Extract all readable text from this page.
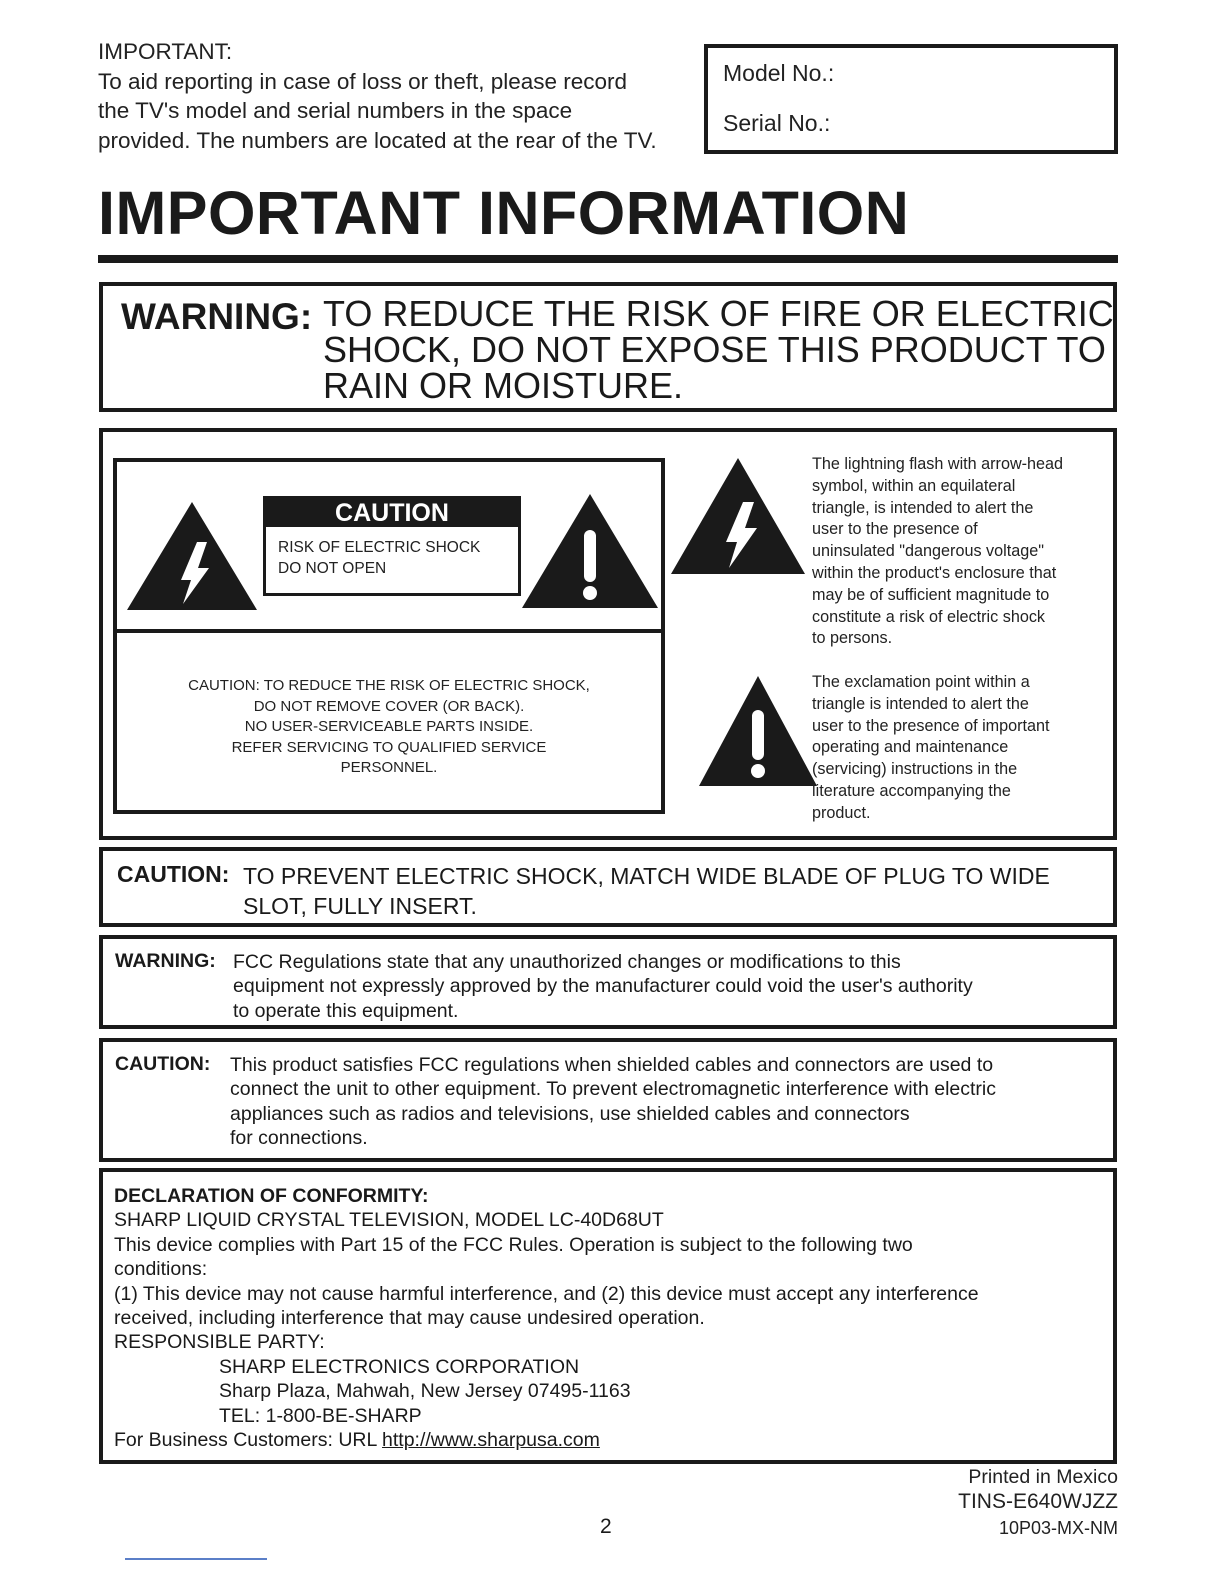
IMPORTANT:
To aid reporting in case of loss or theft, please record
the TV's model and serial numbers in the space
provided. The numbers are located at the rear of the TV.
Model No.:
Serial No.:
IMPORTANT INFORMATION
WARNING: TO REDUCE THE RISK OF FIRE OR ELECTRIC
SHOCK, DO NOT EXPOSE THIS PRODUCT TO
RAIN OR MOISTURE.
CAUTION
RISK OF ELECTRIC SHOCK
DO NOT OPEN
CAUTION: TO REDUCE THE RISK OF ELECTRIC SHOCK,
DO NOT REMOVE COVER (OR BACK).
NO USER-SERVICEABLE PARTS INSIDE.
REFER SERVICING TO QUALIFIED SERVICE
PERSONNEL.
The lightning flash with arrow-head
symbol, within an equilateral
triangle, is intended to alert the
user to the presence of
uninsulated "dangerous voltage"
within the product's enclosure that
may be of sufficient magnitude to
constitute a risk of electric shock
to persons.
The exclamation point within a
triangle is intended to alert the
user to the presence of important
operating and maintenance
(servicing) instructions in the
literature accompanying the
product.
CAUTION: TO PREVENT ELECTRIC SHOCK, MATCH WIDE BLADE OF PLUG TO WIDE
SLOT, FULLY INSERT.
WARNING: FCC Regulations state that any unauthorized changes or modifications to this
equipment not expressly approved by the manufacturer could void the user's authority
to operate this equipment.
CAUTION: This product satisfies FCC regulations when shielded cables and connectors are used to
connect the unit to other equipment. To prevent electromagnetic interference with electric
appliances such as radios and televisions, use shielded cables and connectors
for connections.
DECLARATION OF CONFORMITY:
SHARP LIQUID CRYSTAL TELEVISION, MODEL LC-40D68UT
This device complies with Part 15 of the FCC Rules. Operation is subject to the following two
conditions:
(1) This device may not cause harmful interference, and (2) this device must accept any interference
received, including interference that may cause undesired operation.
RESPONSIBLE PARTY:
SHARP ELECTRONICS CORPORATION
Sharp Plaza, Mahwah, New Jersey 07495-1163
TEL: 1-800-BE-SHARP
For Business Customers: URL http://www.sharpusa.com
2
Printed in Mexico
TINS-E640WJZZ
10P03-MX-NM
